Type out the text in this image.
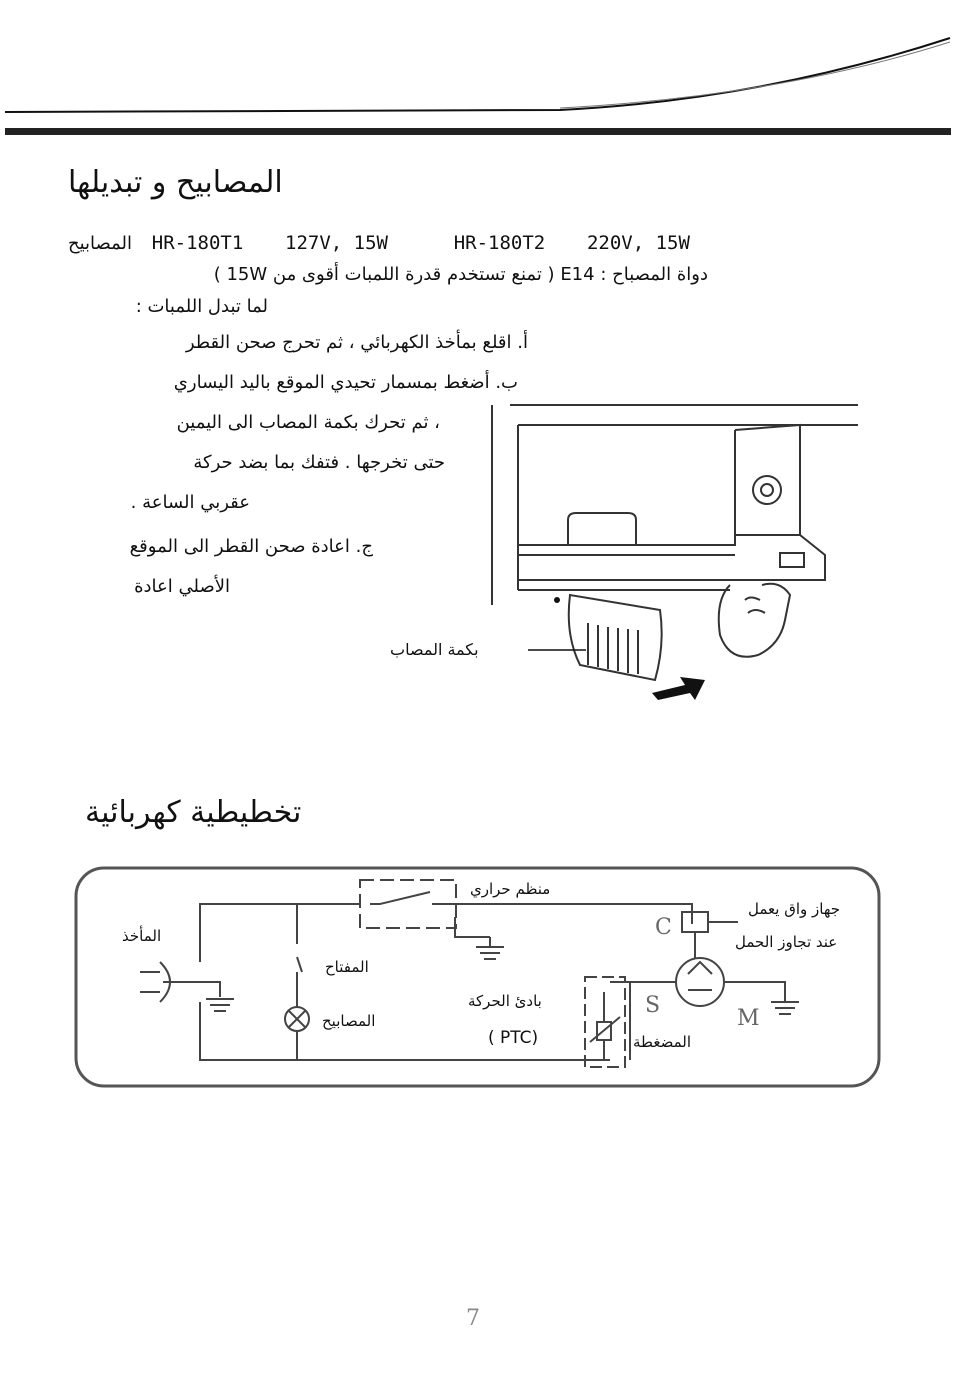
المصابيح و تبديلها
المصابيح HR-180T1 127V, 15W	HR-180T2 220V, 15W
دواة المصباح : E14 ( تمنع تستخدم قدرة اللمبات أقوى من 15W )
لما تبدل اللمبات :
أ. اقلع بمأخذ الكهربائي ، ثم تحرج صحن القطر
ب. أضغط بمسمار تحيدي الموقع باليد اليساري
، ثم تحرك بكمة المصاب الى اليمين
حتى تخرجها . فتفك بما بضد حركة
عقربي الساعة .
ج. اعادة صحن القطر الى الموقع
الأصلي اعادة
بكمة المصاب
تخطيطية كهربائية
المأخذ
المفتاح
المصابيح
منظم حراري
جهاز واق يعمل
عند تجاوز الحمل
بادئ الحركة
( PTC)	المضغطة
C
S
M
7
